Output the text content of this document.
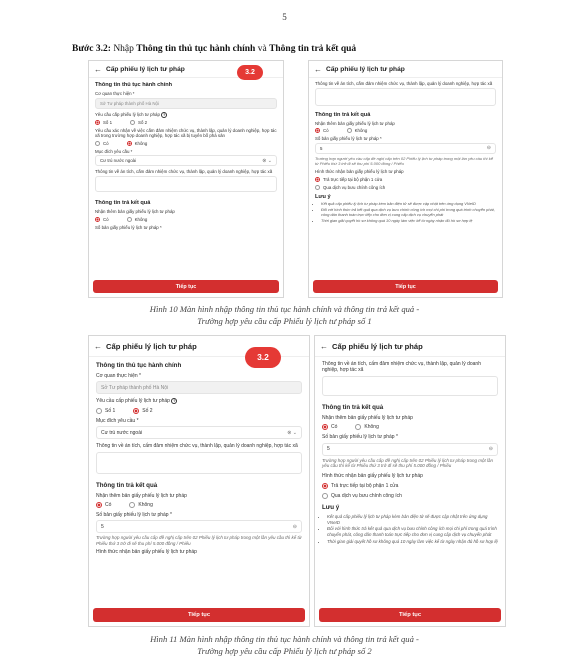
5
Bước 3.2: Nhập Thông tin thủ tục hành chính và Thông tin trả kết quả
← Cấp phiếu lý lịch tư pháp	3.2
Thông tin thủ tục hành chính
Cơ quan thực hiện *
Sở Tư pháp thành phố Hà Nội
Yêu cầu cấp phiếu lý lịch tư pháp ?
Số 1	Số 2
Yêu cầu xác nhận về việc cấm đảm nhiệm chức vụ, thành lập, quản lý doanh nghiệp, hợp tác xã trong trường hợp doanh nghiệp, hợp tác xã bị tuyên bố phá sản
Có	Không
Mục đích yêu cầu *
Cư trú nước ngoài	⊗ ⌄
Thông tin về án tích, cấm đảm nhiệm chức vụ, thành lập, quản lý doanh nghiệp, hợp tác xã
Thông tin trả kết quả
Nhận thêm bản giấy phiếu lý lịch tư pháp
Có	Không
Số bản giấy phiếu lý lịch tư pháp *
Tiếp tục
← Cấp phiếu lý lịch tư pháp
Thông tin về án tích, cấm đảm nhiệm chức vụ, thành lập, quản lý doanh nghiệp, hợp tác xã
Thông tin trả kết quả
Nhận thêm bản giấy phiếu lý lịch tư pháp
Có	Không
Số bản giấy phiếu lý lịch tư pháp *
5	⊖
Trường hợp người yêu cầu cấp đề nghị cấp trên 02 Phiếu lý lịch tư pháp trong một lần yêu cầu thì kể từ Phiếu thứ 3 trở đi sẽ thu phí 5.000 đồng / Phiếu
Hình thức nhận bản giấy phiếu lý lịch tư pháp
Trả trực tiếp tại bộ phận 1 cửa
Qua dịch vụ bưu chính công ích
Lưu ý
• Kết quả cấp phiếu lý lịch tư pháp kèm bản điện tử sẽ được cập nhật trên ứng dụng VNeID
• Đối với hình thức trả kết quả qua dịch vụ bưu chính công ích mọi chi phí trong quá trình chuyển phát, công dân thanh toán trực tiếp cho đơn vị cung cấp dịch vụ chuyển phát
• Thời gian giải quyết hồ sơ không quá 10 ngày làm việc kể từ ngày nhận đủ hồ sơ hợp lệ
Tiếp tục
Hình 10 Màn hình nhập thông tin thủ tục hành chính và thông tin trả kết quả -
Trường hợp yêu cầu cấp Phiếu lý lịch tư pháp số 1
← Cấp phiếu lý lịch tư pháp
3.2
Thông tin thủ tục hành chính
Cơ quan thực hiện *
Sở Tư pháp thành phố Hà Nội
Yêu cầu cấp phiếu lý lịch tư pháp ?
Số 1	Số 2
Mục đích yêu cầu *
Cư trú nước ngoài	⊗ ⌄
Thông tin về án tích, cấm đảm nhiệm chức vụ, thành lập, quản lý doanh nghiệp, hợp tác xã
Thông tin trả kết quả
Nhận thêm bản giấy phiếu lý lịch tư pháp
Có	Không
Số bản giấy phiếu lý lịch tư pháp *
5	⊖
Trường hợp người yêu cầu cấp đề nghị cấp trên 02 Phiếu lý lịch tư pháp trong một lần yêu cầu thì kể từ Phiếu thứ 3 trở đi sẽ thu phí 5.000 đồng / Phiếu
Hình thức nhận bản giấy phiếu lý lịch tư pháp
Tiếp tục
← Cấp phiếu lý lịch tư pháp
Thông tin về án tích, cấm đảm nhiệm chức vụ, thành lập, quản lý doanh nghiệp, hợp tác xã
Thông tin trả kết quả
Nhận thêm bản giấy phiếu lý lịch tư pháp
Có	Không
Số bản giấy phiếu lý lịch tư pháp *
5	⊖
Trường hợp người yêu cầu cấp đề nghị cấp trên 02 Phiếu lý lịch tư pháp trong một lần yêu cầu thì kể từ Phiếu thứ 3 trở đi sẽ thu phí 5.000 đồng / Phiếu
Hình thức nhận bản giấy phiếu lý lịch tư pháp
Trả trực tiếp tại bộ phận 1 cửa
Qua dịch vụ bưu chính công ích
Lưu ý
• Kết quả cấp phiếu lý lịch tư pháp kèm bản điện tử sẽ được cập nhật trên ứng dụng VNeID
• Đối với hình thức trả kết quả qua dịch vụ bưu chính công ích mọi chi phí trong quá trình chuyển phát, công dân thanh toán trực tiếp cho đơn vị cung cấp dịch vụ chuyển phát
• Thời gian giải quyết hồ sơ không quá 10 ngày làm việc kể từ ngày nhận đủ hồ sơ hợp lệ
Tiếp tục
Hình 11 Màn hình nhập thông tin thủ tục hành chính và thông tin trả kết quả -
Trường hợp yêu cầu cấp Phiếu lý lịch tư pháp số 2
